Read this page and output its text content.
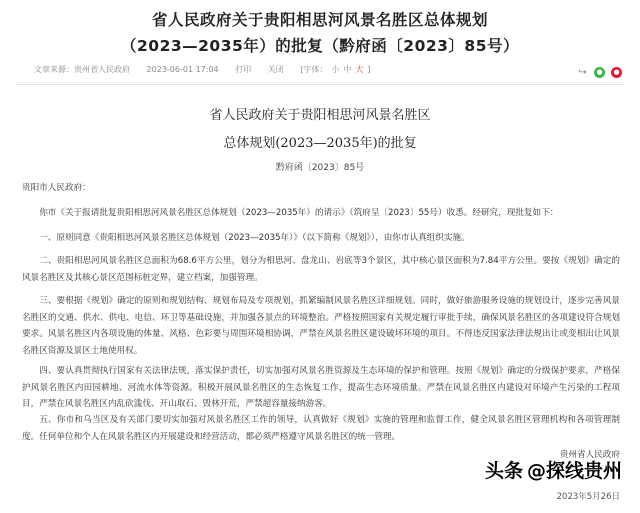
省人民政府关于贵阳相思河风景名胜区总体规划
（2023—2035年）的批复（黔府函〔2023〕85号）
文章来源：贵州省人民政府 2023-06-01 17:04 打印 关闭 [字体： 小 中 大 ]	↪	●	●
省人民政府关于贵阳相思河风景名胜区
总体规划(2023—2035年)的批复
黔府函〔2023〕85号
贵阳市人民政府：
你市《关于报请批复贵阳相思河风景名胜区总体规划（2023—2035年）的请示》（筑府呈〔2023〕55号）收悉。经研究，现批复如下：
一、原则同意《贵阳相思河风景名胜区总体规划（2023—2035年）》（以下简称《规划》），由你市认真组织实施。
二、贵阳相思河风景名胜区总面积为68.6平方公里，划分为相思河、盘龙山、岩底等3个景区，其中核心景区面积为7.84平方公里。要按《规划》确定的风景名胜区及其核心景区范围标桩定界，建立档案，加强管理。
三、要根据《规划》确定的原则和规划结构、规划布局及专项规划，抓紧编制风景名胜区详细规划。同时，做好旅游服务设施的规划设计，逐步完善风景名胜区的交通、供水、供电、电信、环卫等基础设施，并加强各景点的环境整治。严格按照国家有关规定履行审批手续，确保风景名胜区的各项建设符合规划要求。风景名胜区内各项设施的体量、风格、色彩要与周围环境相协调，严禁在风景名胜区建设破坏环境的项目。不得违反国家法律法规出让或变相出让风景名胜区资源及景区土地使用权。
四、要认真贯彻执行国家有关法律法规，落实保护责任，切实加强对风景名胜资源及生态环境的保护和管理。按照《规划》确定的分级保护要求，严格保护风景名胜区内田园耕地、河流水体等资源。积极开展风景名胜区的生态恢复工作，提高生态环境质量。严禁在风景名胜区内建设对环境产生污染的工程项目，严禁在风景名胜区内乱砍滥伐、开山取石、毁林开荒，严禁超容量接纳游客。
五、你市和乌当区及有关部门要切实加强对风景名胜区工作的领导，认真做好《规划》实施的管理和监督工作，健全风景名胜区管理机构和各项管理制度。任何单位和个人在风景名胜区内开展建设和经营活动，都必须严格遵守风景名胜区的统一管理。
贵州省人民政府
头条 @探线贵州
2023年5月26日
